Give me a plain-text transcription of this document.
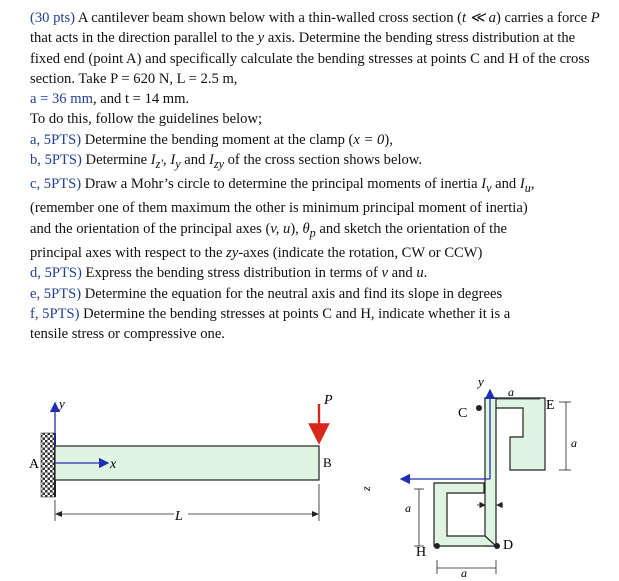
(30 pts) A cantilever beam shown below with a thin-walled cross section (t ≪ a) carries a force P that acts in the direction parallel to the y axis. Determine the bending stress distribution at the fixed end (point A) and specifically calculate the bending stresses at points C and H of the cross section. Take P = 620 N, L = 2.5 m,

a = 36 mm, and t = 14 mm.

To do this, follow the guidelines below;

a, 5PTS) Determine the bending moment at the clamp (x = 0),

b, 5PTS) Determine $I_{z'}$, $I_y$ and $I_{zy}$ of the cross section shows below.

c, 5PTS) Draw a Mohr’s circle to determine the principal moments of inertia $I_v$ and $I_u$,

(remember one of them maximum the other is minimum principal moment of inertia)

and the orientation of the principal axes (v, u), $\theta_p$ and sketch the orientation of the

principal axes with respect to the zy-axes (indicate the rotation, CW or CCW)

d, 5PTS) Express the bending stress distribution in terms of v and u.

e, 5PTS) Determine the equation for the neutral axis and find its slope in degrees

f, 5PTS) Determine the bending stresses at points C and H, indicate whether it is a

tensile stress or compressive one.

x
y
A
P
B
L
y
z
C
H	D
E
a
a
a
a
